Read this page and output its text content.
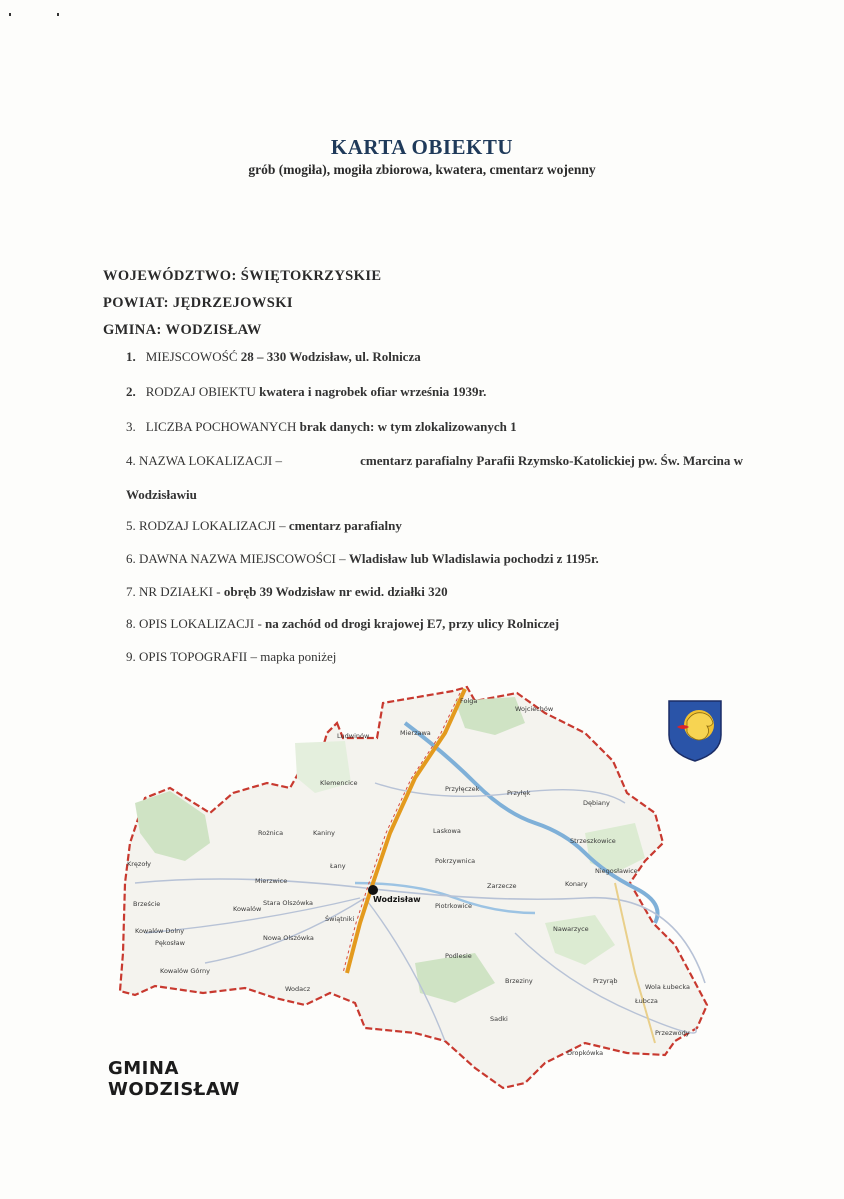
KARTA OBIEKTU
grób (mogiła), mogiła zbiorowa, kwatera, cmentarz wojenny
WOJEWÓDZTWO: ŚWIĘTOKRZYSKIE
POWIAT: JĘDRZEJOWSKI
GMINA: WODZISŁAW
1. MIEJSCOWOŚĆ 28 – 330 Wodzisław, ul. Rolnicza
2. RODZAJ OBIEKTU kwatera i nagrobek ofiar września 1939r.
3. LICZBA POCHOWANYCH brak danych: w tym zlokalizowanych 1
4. NAZWA LOKALIZACJI –	cmentarz parafialny Parafii Rzymsko-Katolickiej pw. Św. Marcina w
Wodzisławiu
5. RODZAJ LOKALIZACJI – cmentarz parafialny
6. DAWNA NAZWA MIEJSCOWOŚCI – Wladisław lub Wladislawia pochodzi z 1195r.
7. NR DZIAŁKI - obręb 39 Wodzisław nr ewid. działki 320
8. OPIS LOKALIZACJI - na zachód od drogi krajowej E7, przy ulicy Rolniczej
9. OPIS TOPOGRAFII – mapka poniżej
Folga
Wojciechów
Ludwinów	Mierzawa
Klemencice
Przyłęczek	Przyłęk
Dębiany
Kaniny
Rożnica	Laskowa
Zarzecze
Niegosławice
Konary
Strzeszkowice
Pokrzywnica
Łany
Kowalów
Mierzwice
Stara Olszówka
Świątniki
Wodzisław
Piotrkowice
Nawarzyce
Kręzoły
Brzeście
Kowalów Dolny
Pękosław
Nowa Olszówka
Kowalów Górny
Wodacz
Brzeziny
Podlesie
Przyrąb
Wola Łubecka
Łubcza
Sadki
Przezwody
Dropkówka
GMINA
WODZISŁAW
